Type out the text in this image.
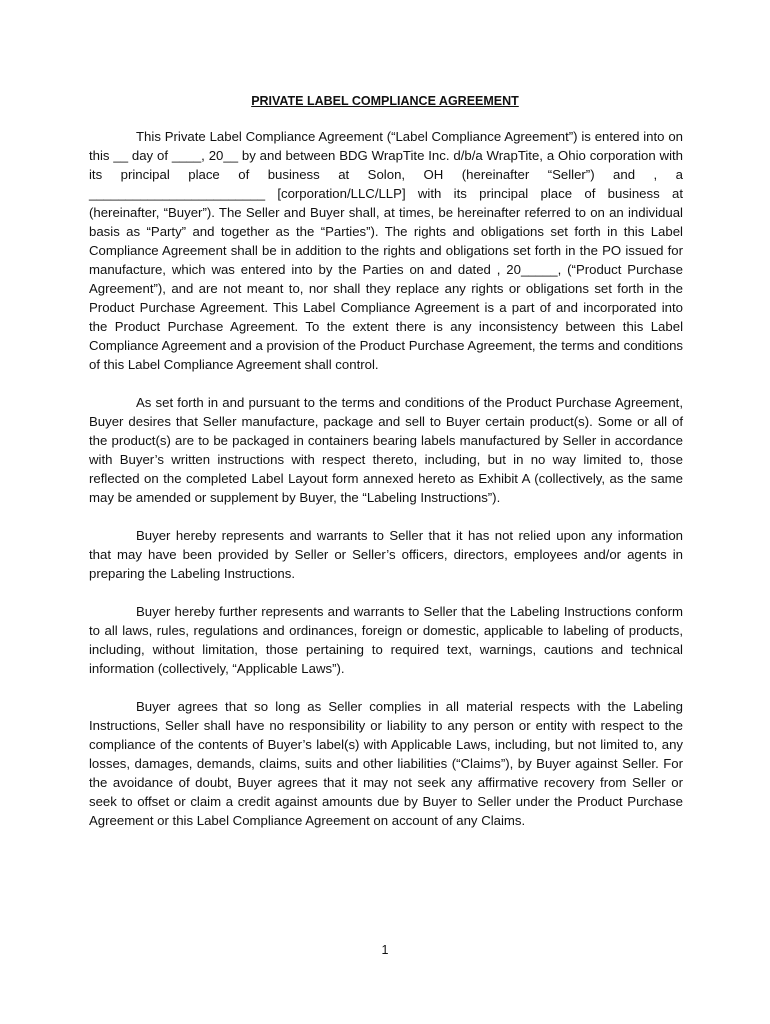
PRIVATE LABEL COMPLIANCE AGREEMENT

This Private Label Compliance Agreement (“Label Compliance Agreement”) is entered into on this __ day of ____, 20__ by and between BDG WrapTite Inc. d/b/a WrapTite, a Ohio corporation with its principal place of business at Solon, OH (hereinafter “Seller”) and , a ________________________ [corporation/LLC/LLP] with its principal place of business at (hereinafter, “Buyer”). The Seller and Buyer shall, at times, be hereinafter referred to on an individual basis as “Party” and together as the “Parties”). The rights and obligations set forth in this Label Compliance Agreement shall be in addition to the rights and obligations set forth in the PO issued for manufacture, which was entered into by the Parties on and dated , 20_____, (“Product Purchase Agreement”), and are not meant to, nor shall they replace any rights or obligations set forth in the Product Purchase Agreement. This Label Compliance Agreement is a part of and incorporated into the Product Purchase Agreement. To the extent there is any inconsistency between this Label Compliance Agreement and a provision of the Product Purchase Agreement, the terms and conditions of this Label Compliance Agreement shall control.

As set forth in and pursuant to the terms and conditions of the Product Purchase Agreement, Buyer desires that Seller manufacture, package and sell to Buyer certain product(s). Some or all of the product(s) are to be packaged in containers bearing labels manufactured by Seller in accordance with Buyer’s written instructions with respect thereto, including, but in no way limited to, those reflected on the completed Label Layout form annexed hereto as Exhibit A (collectively, as the same may be amended or supplement by Buyer, the “Labeling Instructions”).

Buyer hereby represents and warrants to Seller that it has not relied upon any information that may have been provided by Seller or Seller’s officers, directors, employees and/or agents in preparing the Labeling Instructions.

Buyer hereby further represents and warrants to Seller that the Labeling Instructions conform to all laws, rules, regulations and ordinances, foreign or domestic, applicable to labeling of products, including, without limitation, those pertaining to required text, warnings, cautions and technical information (collectively, “Applicable Laws”).

Buyer agrees that so long as Seller complies in all material respects with the Labeling Instructions, Seller shall have no responsibility or liability to any person or entity with respect to the compliance of the contents of Buyer’s label(s) with Applicable Laws, including, but not limited to, any losses, damages, demands, claims, suits and other liabilities (“Claims”), by Buyer against Seller. For the avoidance of doubt, Buyer agrees that it may not seek any affirmative recovery from Seller or seek to offset or claim a credit against amounts due by Buyer to Seller under the Product Purchase Agreement or this Label Compliance Agreement on account of any Claims.

1
